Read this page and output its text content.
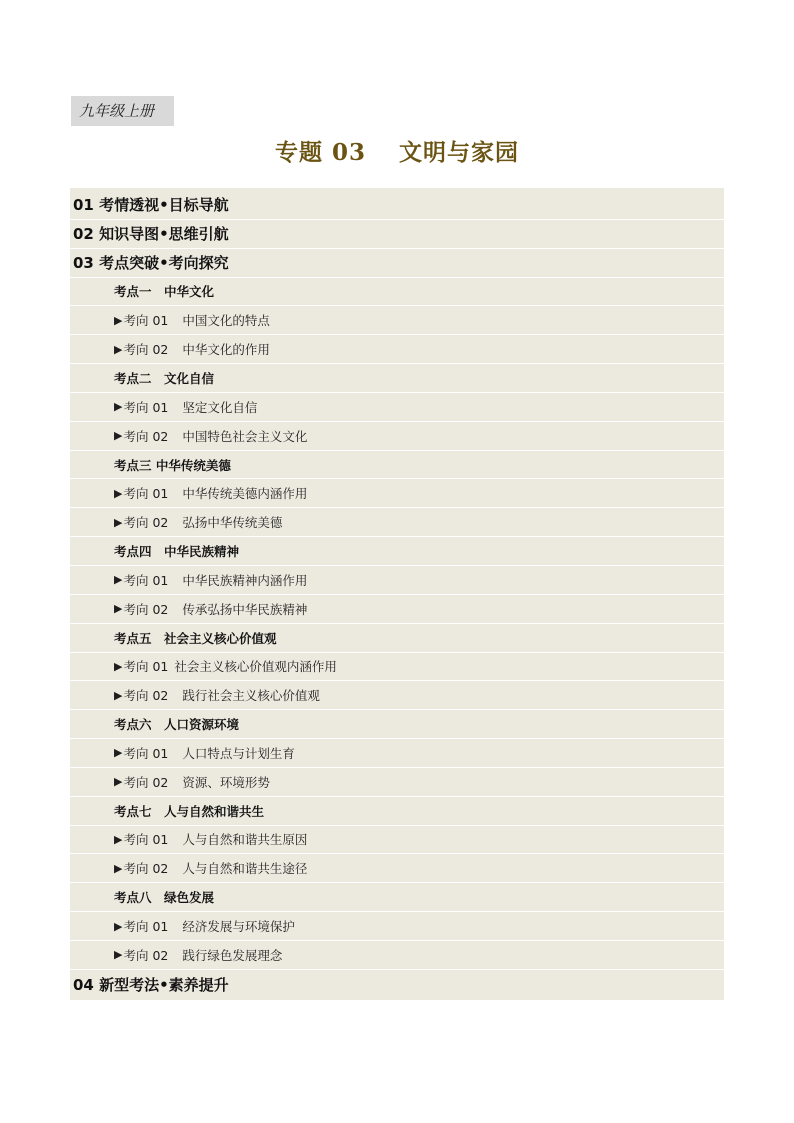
九年级上册
专题 03　 文明与家园
01 考情透视•目标导航
02 知识导图•思维引航
03 考点突破•考向探究
考点一　中华文化
▶ 考向 01 中国文化的特点
▶ 考向 02 中华文化的作用
考点二　文化自信
▶ 考向 01 坚定文化自信
▶ 考向 02 中国特色社会主义文化
考点三 中华传统美德
▶ 考向 01 中华传统美德内涵作用
▶ 考向 02 弘扬中华传统美德
考点四　中华民族精神
▶ 考向 01 中华民族精神内涵作用
▶ 考向 02 传承弘扬中华民族精神
考点五　社会主义核心价值观
▶ 考向 01 社会主义核心价值观内涵作用
▶ 考向 02 践行社会主义核心价值观
考点六　人口资源环境
▶ 考向 01 人口特点与计划生育
▶ 考向 02 资源、环境形势
考点七　人与自然和谐共生
▶ 考向 01 人与自然和谐共生原因
▶ 考向 02 人与自然和谐共生途径
考点八　绿色发展
▶ 考向 01 经济发展与环境保护
▶ 考向 02 践行绿色发展理念
04 新型考法•素养提升
